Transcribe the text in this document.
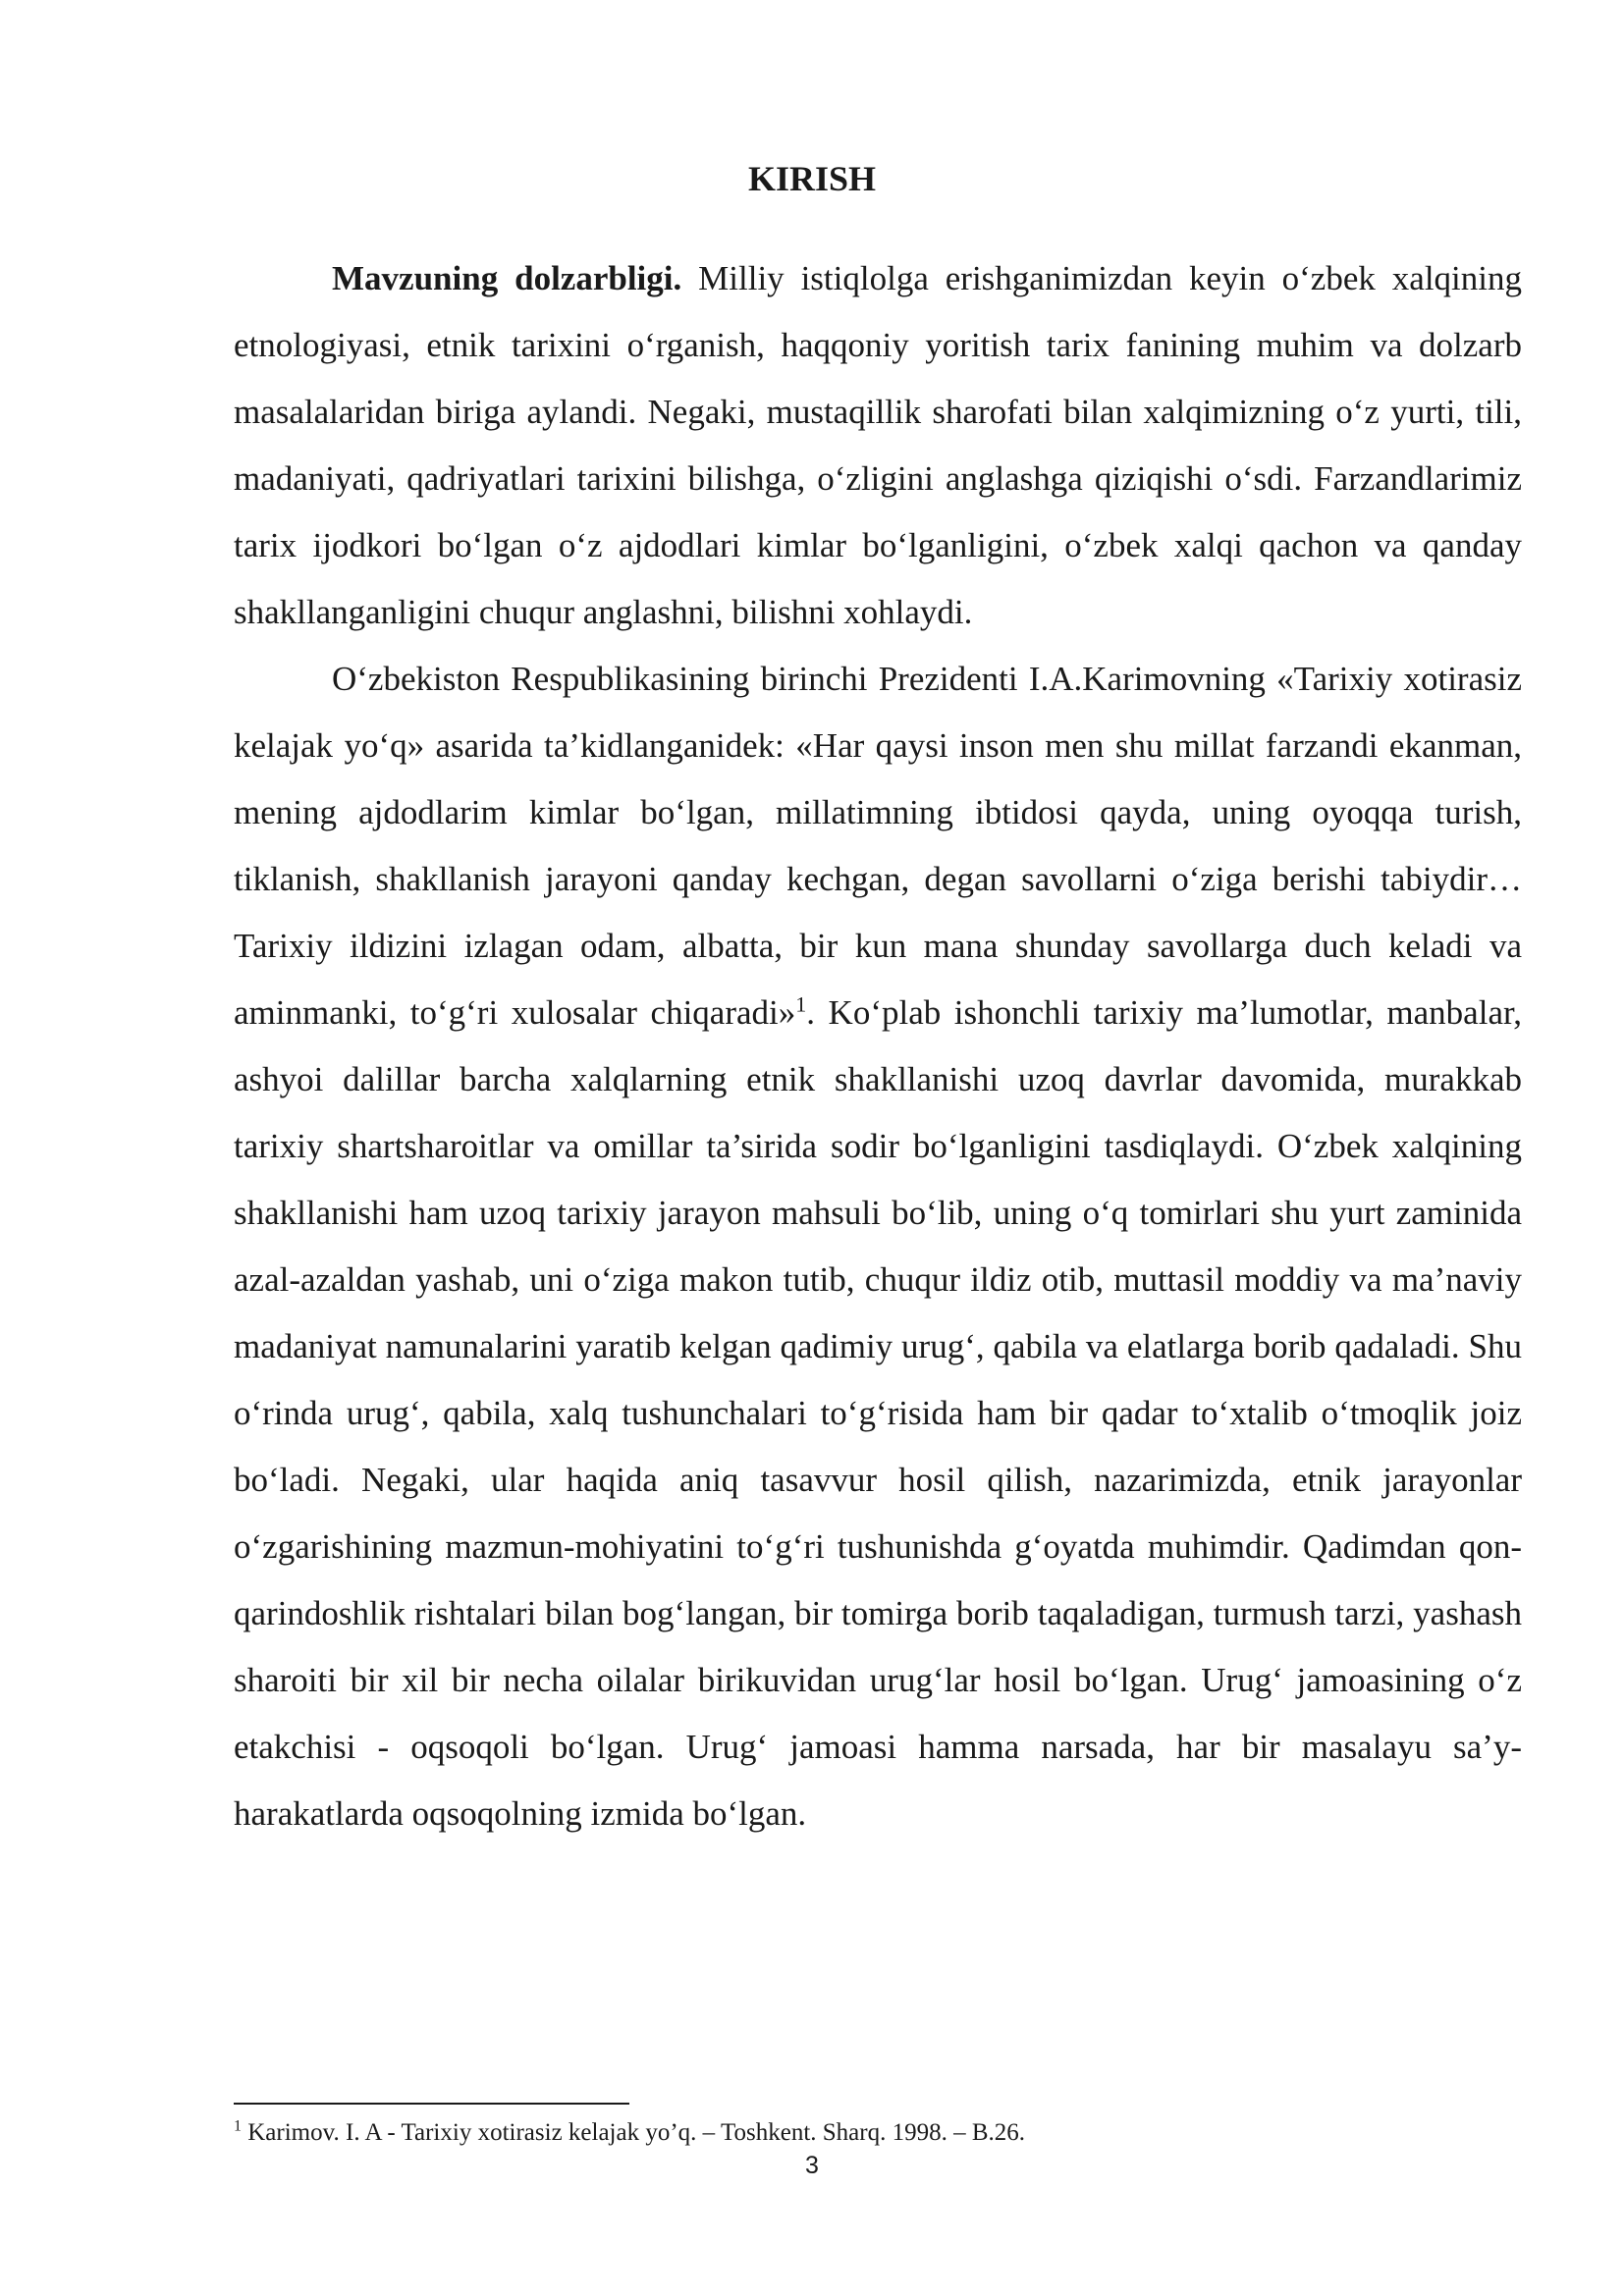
KIRISH

Mavzuning dolzarbligi. Milliy istiqlolga erishganimizdan keyin o‘zbek xalqining etnologiyasi, etnik tarixini o‘rganish, haqqoniy yoritish tarix fanining muhim va dolzarb masalalaridan biriga aylandi. Negaki, mustaqillik sharofati bilan xalqimizning o‘z yurti, tili, madaniyati, qadriyatlari tarixini bilishga, o‘zligini anglashga qiziqishi o‘sdi. Farzandlarimiz tarix ijodkori bo‘lgan o‘z ajdodlari kimlar bo‘lganligini, o‘zbek xalqi qachon va qanday shakllanganligini chuqur anglashni, bilishni xohlaydi.

O‘zbekiston Respublikasining birinchi Prezidenti I.A.Karimovning «Tarixiy xotirasiz kelajak yo‘q» asarida ta’kidlanganidek: «Har qaysi inson men shu millat farzandi ekanman, mening ajdodlarim kimlar bo‘lgan, millatimning ibtidosi qayda, uning oyoqqa turish, tiklanish, shakllanish jarayoni qanday kechgan, degan savollarni o‘ziga berishi tabiydir… Tarixiy ildizini izlagan odam, albatta, bir kun mana shunday savollarga duch keladi va aminmanki, to‘g‘ri xulosalar chiqaradi»$^1$. Ko‘plab ishonchli tarixiy ma’lumotlar, manbalar, ashyoi dalillar barcha xalqlarning etnik shakllanishi uzoq davrlar davomida, murakkab tarixiy shartsharoitlar va omillar ta’sirida sodir bo‘lganligini tasdiqlaydi. O‘zbek xalqining shakllanishi ham uzoq tarixiy jarayon mahsuli bo‘lib, uning o‘q tomirlari shu yurt zaminida azal-azaldan yashab, uni o‘ziga makon tutib, chuqur ildiz otib, muttasil moddiy va ma’naviy madaniyat namunalarini yaratib kelgan qadimiy urug‘, qabila va elatlarga borib qadaladi. Shu o‘rinda urug‘, qabila, xalq tushunchalari to‘g‘risida ham bir qadar to‘xtalib o‘tmoqlik joiz bo‘ladi. Negaki, ular haqida aniq tasavvur hosil qilish, nazarimizda, etnik jarayonlar o‘zgarishining mazmun-mohiyatini to‘g‘ri tushunishda g‘oyatda muhimdir. Qadimdan qon-qarindoshlik rishtalari bilan bog‘langan, bir tomirga borib taqaladigan, turmush tarzi, yashash sharoiti bir xil bir necha oilalar birikuvidan urug‘lar hosil bo‘lgan. Urug‘ jamoasining o‘z etakchisi - oqsoqoli bo‘lgan. Urug‘ jamoasi hamma narsada, har bir masalayu sa’y-harakatlarda oqsoqolning izmida bo‘lgan.

$^1$ Karimov. I. A - Tarixiy xotirasiz kelajak yo’q. – Toshkent. Sharq. 1998. – B.26.
3
